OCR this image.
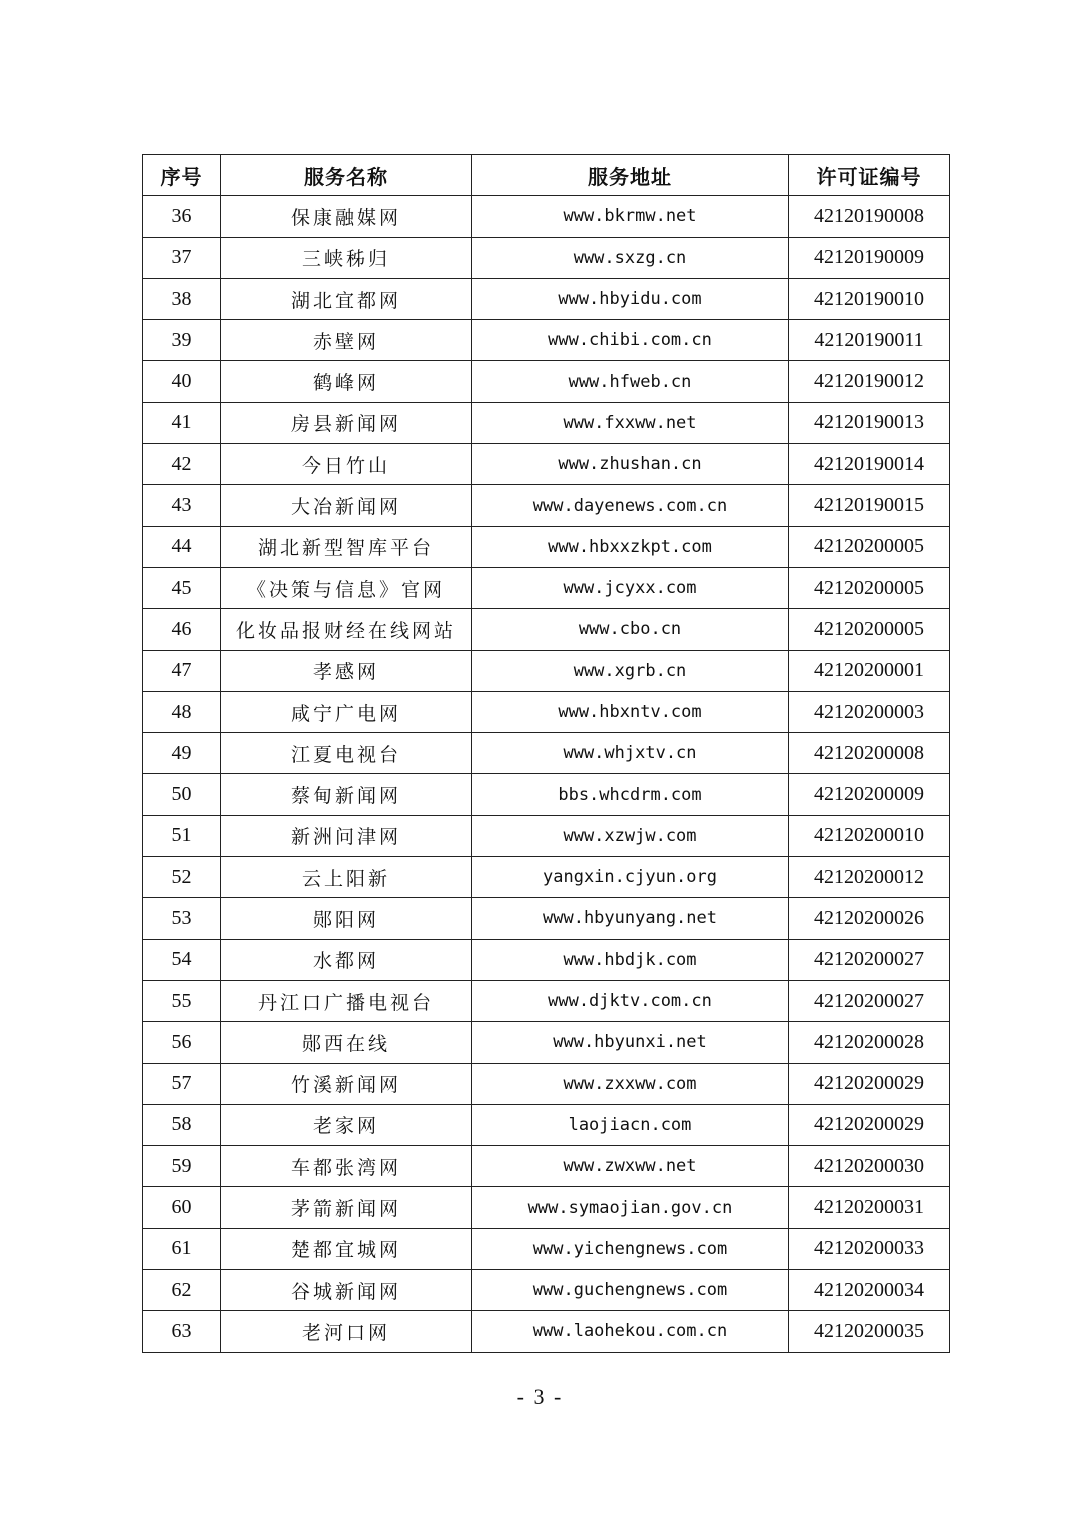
序号	服务名称	服务地址	许可证编号
36	保康融媒网	www.bkrmw.net	42120190008
37	三峡秭归	www.sxzg.cn	42120190009
38	湖北宜都网	www.hbyidu.com	42120190010
39	赤壁网	www.chibi.com.cn	42120190011
40	鹤峰网	www.hfweb.cn	42120190012
41	房县新闻网	www.fxxww.net	42120190013
42	今日竹山	www.zhushan.cn	42120190014
43	大冶新闻网	www.dayenews.com.cn	42120190015
44	湖北新型智库平台	www.hbxxzkpt.com	42120200005
45	《决策与信息》官网	www.jcyxx.com	42120200005
46	化妆品报财经在线网站	www.cbo.cn	42120200005
47	孝感网	www.xgrb.cn	42120200001
48	咸宁广电网	www.hbxntv.com	42120200003
49	江夏电视台	www.whjxtv.cn	42120200008
50	蔡甸新闻网	bbs.whcdrm.com	42120200009
51	新洲问津网	www.xzwjw.com	42120200010
52	云上阳新	yangxin.cjyun.org	42120200012
53	郧阳网	www.hbyunyang.net	42120200026
54	水都网	www.hbdjk.com	42120200027
55	丹江口广播电视台	www.djktv.com.cn	42120200027
56	郧西在线	www.hbyunxi.net	42120200028
57	竹溪新闻网	www.zxxww.com	42120200029
58	老家网	laojiacn.com	42120200029
59	车都张湾网	www.zwxww.net	42120200030
60	茅箭新闻网	www.symaojian.gov.cn	42120200031
61	楚都宜城网	www.yichengnews.com	42120200033
62	谷城新闻网	www.guchengnews.com	42120200034
63	老河口网	www.laohekou.com.cn	42120200035
- 3 -
